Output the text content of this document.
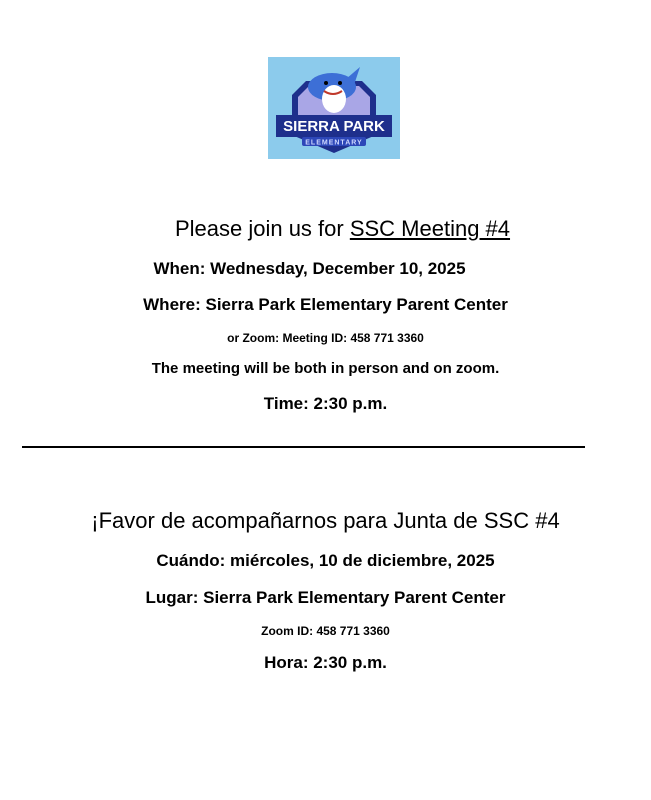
SIERRA PARK
ELEMENTARY
Please join us for SSC Meeting #4
When: Wednesday, December 10, 2025
Where: Sierra Park Elementary Parent Center
or Zoom: Meeting ID: 458 771 3360
The meeting will be both in person and on zoom.
Time: 2:30 p.m.
¡Favor de acompañarnos para Junta de SSC #4
Cuándo: miércoles, 10 de diciembre, 2025
Lugar: Sierra Park Elementary Parent Center
Zoom ID: 458 771 3360
Hora: 2:30 p.m.
